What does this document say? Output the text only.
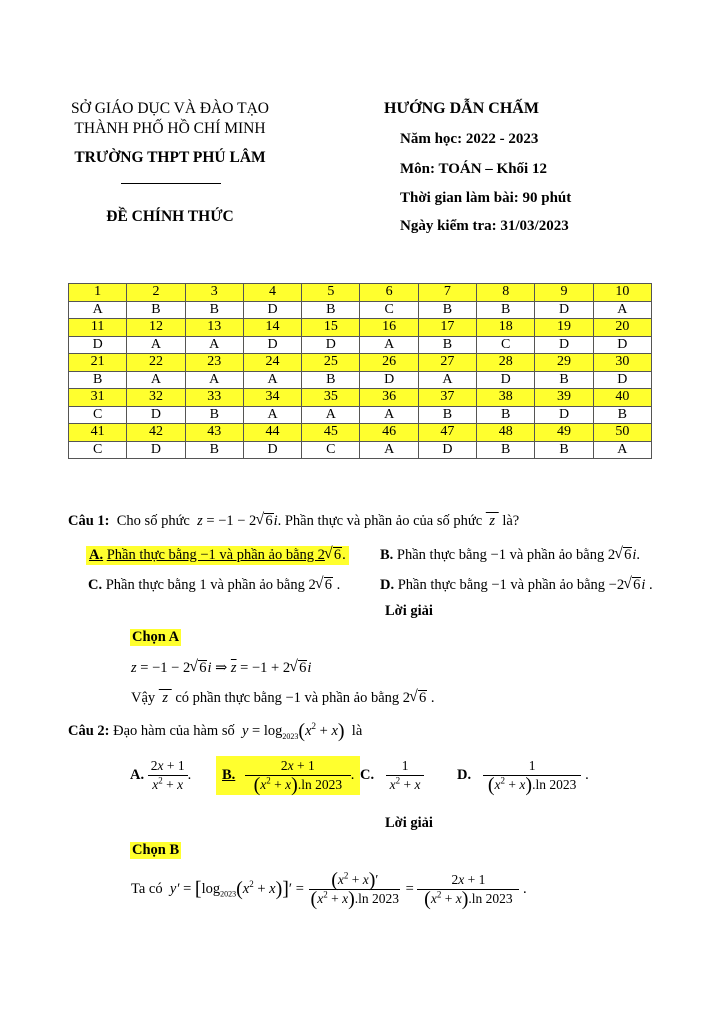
SỞ GIÁO DỤC VÀ ĐÀO TẠO
THÀNH PHỐ HỒ CHÍ MINH
TRƯỜNG THPT PHÚ LÂM
ĐỀ CHÍNH THỨC
HƯỚNG DẪN CHẤM
Năm học: 2022 - 2023
Môn: TOÁN – Khối 12
Thời gian làm bài: 90 phút
Ngày kiểm tra: 31/03/2023
1	2	3	4	5	6	7	8	9	10
A	B	B	D	B	C	B	B	D	A
11	12	13	14	15	16	17	18	19	20
D	A	A	D	D	A	B	C	D	D
21	22	23	24	25	26	27	28	29	30
B	A	A	A	B	D	A	D	B	D
31	32	33	34	35	36	37	38	39	40
C	D	B	A	A	A	B	B	D	B
41	42	43	44	45	46	47	48	49	50
C	D	B	D	C	A	D	B	B	A
Câu 1: Cho số phức  z = −1 − 2 √ 6i. Phần thực và phần ảo của số phức  z  là?
A. Phần thực bằng −1 và phần ảo bằng 2 √ 6. B. Phần thực bằng −1 và phần ảo bằng 2 √ 6i.
C. Phần thực bằng 1 và phần ảo bằng 2 √ 6 .	D. Phần thực bằng −1 và phần ảo bằng −2 √ 6i .
Lời giải
Chọn A
z = −1 − 2 √ 6i ⇒ $\overline{z} = -1 + 2$ √ 6i
Vậy  z  có phần thực bằng −1 và phần ảo bằng 2 √ 6 .
Câu 2: Đạo hàm của hàm số $y = \log_{2023}(x^2 + x)$ là
A. $\frac{2x + 1}{x^2 + x}$ .	B. $\frac{2x + 1}{(x^2 + x).\ln 2023}$ . C. $\frac{1}{x^2 + x} D$. $\frac{1}{(x^2 + x).\ln 2023}$ .
Lời giải
Chọn B
Ta có $y' = [\log_{2023}(x^2 + x)]' = \frac{(x^2 + x)'}{(x^2 + x).\ln 2023} = \frac{2x + 1}{(x^2 + x).\ln 2023}$ .
